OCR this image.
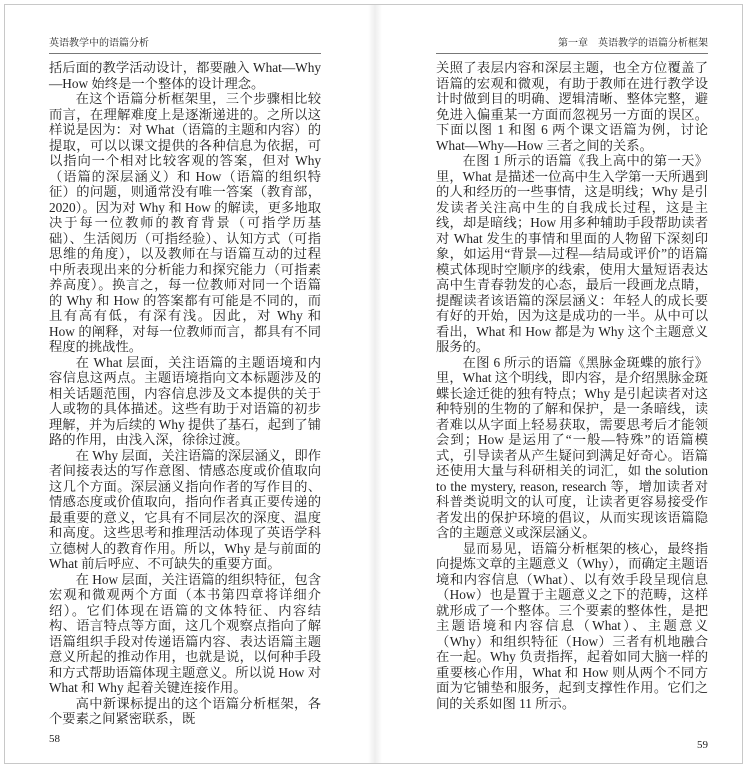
英语教学中的语篇分析

括后面的教学活动设计，都要融入 What—Why—How 始终是一个整体的设计理念。

在这个语篇分析框架里，三个步骤相比较而言，在理解难度上是逐渐递进的。之所以这样说是因为：对 What（语篇的主题和内容）的提取，可以以课文提供的各种信息为依据，可以指向一个相对比较客观的答案，但对 Why（语篇的深层涵义）和 How（语篇的组织特征）的问题，则通常没有唯一答案（教育部，2020）。因为对 Why 和 How 的解读，更多地取决于每一位教师的教育背景（可指学历基础）、生活阅历（可指经验）、认知方式（可指思维的角度），以及教师在与语篇互动的过程中所表现出来的分析能力和探究能力（可指素养高度）。换言之，每一位教师对同一个语篇的 Why 和 How 的答案都有可能是不同的，而且有高有低，有深有浅。因此，对 Why 和 How 的阐释，对每一位教师而言，都具有不同程度的挑战性。

在 What 层面，关注语篇的主题语境和内容信息这两点。主题语境指向文本标题涉及的相关话题范围，内容信息涉及文本提供的关于人或物的具体描述。这些有助于对语篇的初步理解，并为后续的 Why 提供了基石，起到了铺路的作用，由浅入深，徐徐过渡。

在 Why 层面，关注语篇的深层涵义，即作者间接表达的写作意图、情感态度或价值取向这几个方面。深层涵义指向作者的写作目的、情感态度或价值取向，指向作者真正要传递的最重要的意义，它具有不同层次的深度、温度和高度。这些思考和推理活动体现了英语学科立德树人的教育作用。所以，Why 是与前面的 What 前后呼应、不可缺失的重要方面。

在 How 层面，关注语篇的组织特征，包含宏观和微观两个方面（本书第四章将详细介绍）。它们体现在语篇的文体特征、内容结构、语言特点等方面，这几个观察点指向了解语篇组织手段对传递语篇内容、表达语篇主题意义所起的推动作用，也就是说，以何种手段和方式帮助语篇体现主题意义。所以说 How 对 What 和 Why 起着关键连接作用。

高中新课标提出的这个语篇分析框架，各个要素之间紧密联系，既

58
第一章 英语教学的语篇分析框架

关照了表层内容和深层主题，也全方位覆盖了语篇的宏观和微观，有助于教师在进行教学设计时做到目的明确、逻辑清晰、整体完整，避免进入偏重某一方面而忽视另一方面的误区。下面以图 1 和图 6 两个课文语篇为例，讨论 What—Why—How 三者之间的关系。

在图 1 所示的语篇《我上高中的第一天》里，What 是描述一位高中生入学第一天所遇到的人和经历的一些事情，这是明线；Why 是引发读者关注高中生的自我成长过程，这是主线，却是暗线；How 用多种辅助手段帮助读者对 What 发生的事情和里面的人物留下深刻印象，如运用“背景—过程—结局或评价”的语篇模式体现时空顺序的线索，使用大量短语表达高中生青春勃发的心态，最后一段画龙点睛，提醒读者该语篇的深层涵义：年轻人的成长要有好的开始，因为这是成功的一半。从中可以看出，What 和 How 都是为 Why 这个主题意义服务的。

在图 6 所示的语篇《黑脉金斑蝶的旅行》里，What 这个明线，即内容，是介绍黑脉金斑蝶长途迁徙的独有特点；Why 是引起读者对这种特别的生物的了解和保护，是一条暗线，读者难以从字面上轻易获取，需要思考后才能领会到；How 是运用了“一般—特殊”的语篇模式，引导读者从产生疑问到满足好奇心。语篇还使用大量与科研相关的词汇，如 the solution to the mystery, reason, research 等，增加读者对科普类说明文的认可度，让读者更容易接受作者发出的保护环境的倡议，从而实现该语篇隐含的主题意义或深层涵义。

显而易见，语篇分析框架的核心，最终指向提炼文章的主题意义（Why），而确定主题语境和内容信息（What）、以有效手段呈现信息（How）也是置于主题意义之下的范畴，这样就形成了一个整体。三个要素的整体性，是把主题语境和内容信息（What）、主题意义（Why）和组织特征（How）三者有机地融合在一起。Why 负责指挥，起着如同大脑一样的重要核心作用，What 和 How 则从两个不同方面为它铺垫和服务，起到支撑性作用。它们之间的关系如图 11 所示。

59
